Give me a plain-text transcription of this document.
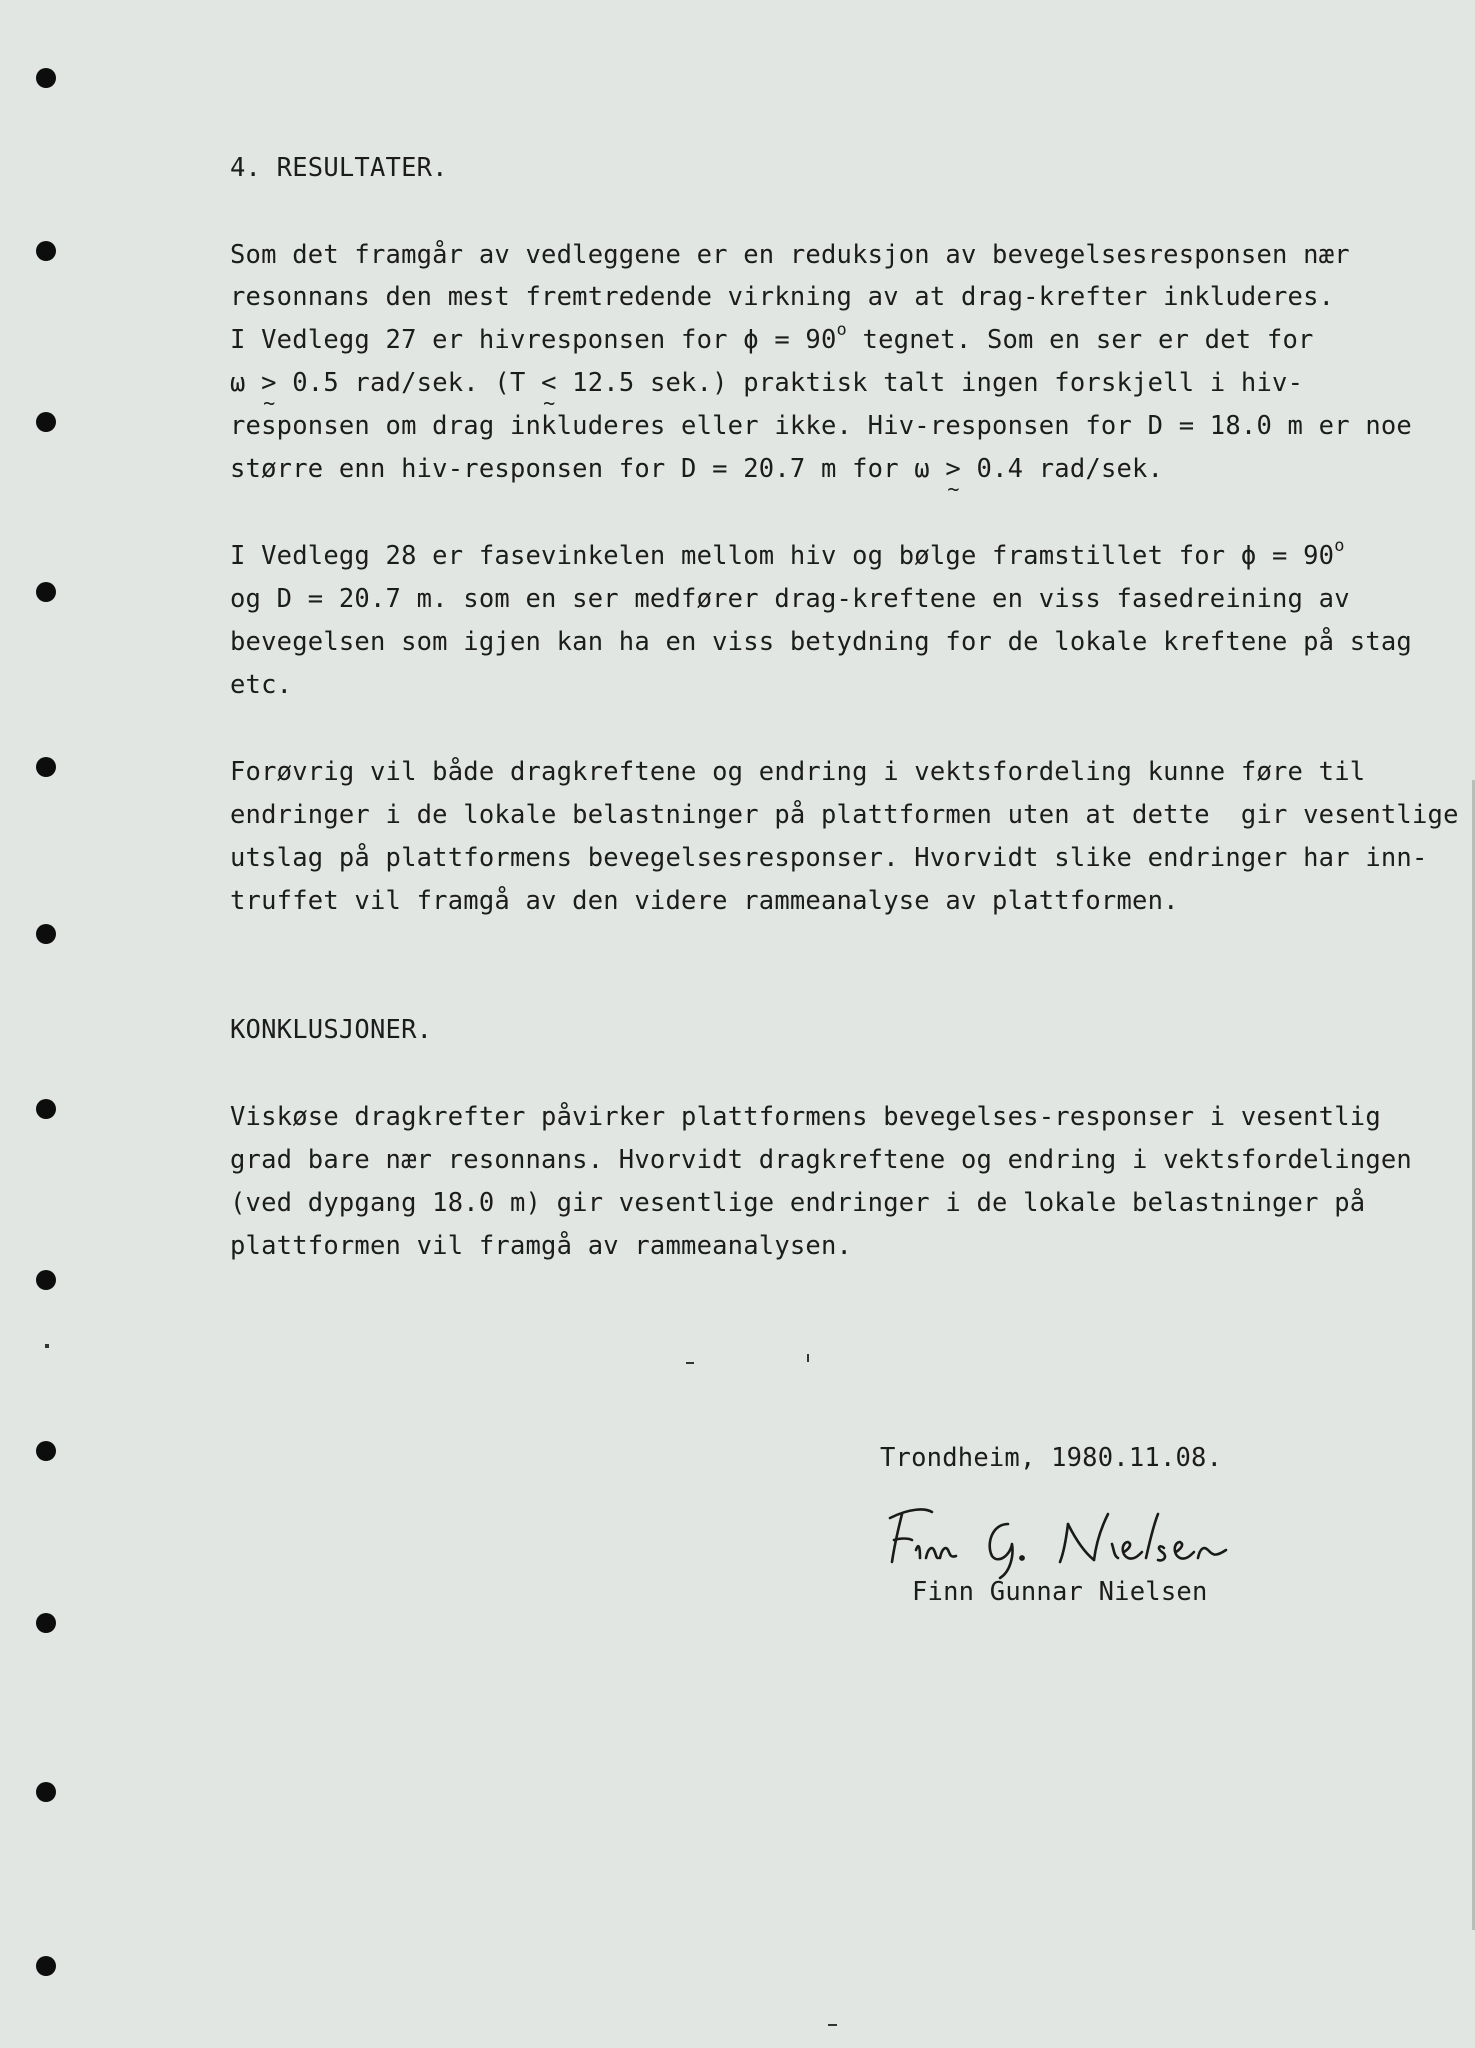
4. RESULTATER.
Som det framgår av vedleggene er en reduksjon av bevegelsesresponsen nær
resonnans den mest fremtredende virkning av at drag-krefter inkluderes.
I Vedlegg 27 er hivresponsen for $\phi = 90^o$ tegnet. Som en ser er det for
ω > ~ 0.5 rad/sek. (T < ~ 12.5 sek.) praktisk talt ingen forskjell i hiv-
responsen om drag inkluderes eller ikke. Hiv-responsen for D = 18.0 m er noe
større enn hiv-responsen for D = 20.7 m for ω > ~ 0.4 rad/sek.
I Vedlegg 28 er fasevinkelen mellom hiv og bølge framstillet for $\phi = 90^o$
og D = 20.7 m. som en ser medfører drag-kreftene en viss fasedreining av
bevegelsen som igjen kan ha en viss betydning for de lokale kreftene på stag
etc.
Forøvrig vil både dragkreftene og endring i vektsfordeling kunne føre til
endringer i de lokale belastninger på plattformen uten at dette  gir vesentlige
utslag på plattformens bevegelsesresponser. Hvorvidt slike endringer har inn-
truffet vil framgå av den videre rammeanalyse av plattformen.
KONKLUSJONER.
Viskøse dragkrefter påvirker plattformens bevegelses-responser i vesentlig
grad bare nær resonnans. Hvorvidt dragkreftene og endring i vektsfordelingen
(ved dypgang 18.0 m) gir vesentlige endringer i de lokale belastninger på
plattformen vil framgå av rammeanalysen.
Trondheim, 1980.11.08.
Finn Gunnar Nielsen
